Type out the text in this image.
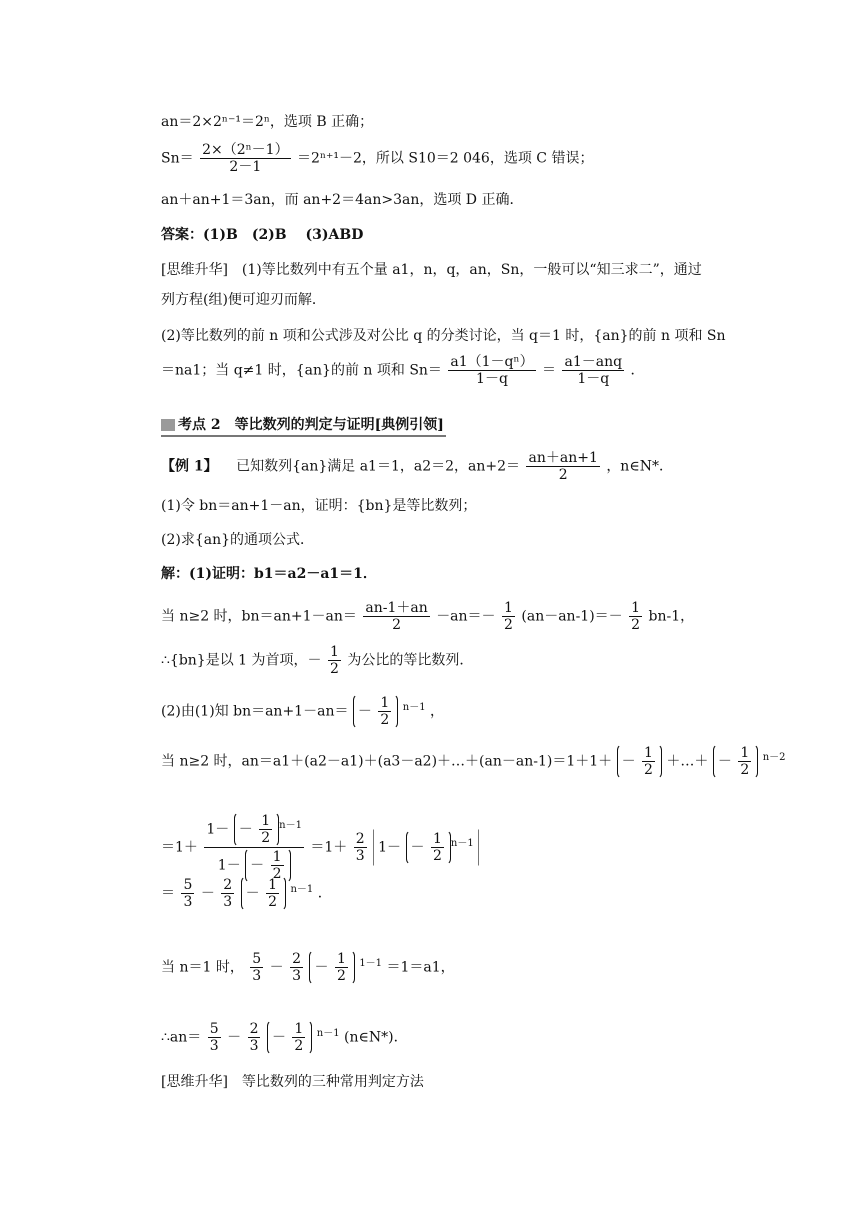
an＝2×2ⁿ⁻¹＝2ⁿ，选项 B 正确；
$Sn= \frac{\text{2×（2ⁿ－1）}}{2-1} =2^{n+1}-2$，所以 S10＝2 046，选项 C 错误；
an＋an+1＝3an，而 an+2＝4an>3an，选项 D 正确．
答案：(1)B　(2)B　 (3)ABD
[思维升华]　(1)等比数列中有五个量 a1，n，q，an，Sn，一般可以“知三求二”，通过
列方程(组)便可迎刃而解．
(2)等比数列的前 n 项和公式涉及对公比 q 的分类讨论，当 q＝1 时，{an}的前 n 项和 Sn
＝na1；当 q≠1 时，{an}的前 n 项和 $Sn= \frac{\text{a1（1－qⁿ）}}{1-q} = \frac{\text{a1－anq}}{1-q}$ ．
考点 2　等比数列的判定与证明[典例引领]
【例 1】 　已知数列{an}满足 a1＝1，a2＝2，$an+2= \frac{an+an+1}{2}$ ，n∈N*．
(1)令 bn＝an+1－an，证明：{bn}是等比数列；
(2)求{an}的通项公式．
解：(1)证明：b1＝a2－a1＝1．
当 n≥2 时，$bn=an+1-an= \frac{an-1+an}{2} -an=- \frac{1}{2} (an-an-1)=- \frac{1}{2} bn-1$，
∴{bn}是以 1 为首项，－ $\frac{1}{2}$ 为公比的等比数列．
(2)由(1)知 $bn=an+1-an= - \frac{1}{2} ^{n-1}$ ，
当 n≥2 时，an＝a1＋(a2－a1)＋(a3－a2)＋…＋(an－an-1)＝1＋1＋ － $\frac{1}{2}$ ＋…＋ － $\frac{1}{2} ^{n-2}$
＝1＋
$1- - \frac{1}{2} ^{n-1}$
$1- - \frac{1}{2}$
$=1+ \frac{2}{3} 1- - \frac{1}{2} ^{n-1}$
＝ $\frac{5}{3} - \frac{2}{3} - \frac{1}{2} ^{n-1}$ ．
当 n＝1 时， $\frac{5}{3} - \frac{2}{3} - \frac{1}{2} ^{1-1} =1=a1$，
∴an＝ $\frac{5}{3} - \frac{2}{3} - \frac{1}{2} ^{n-1}$ (n∈N*)．
[思维升华]　等比数列的三种常用判定方法
